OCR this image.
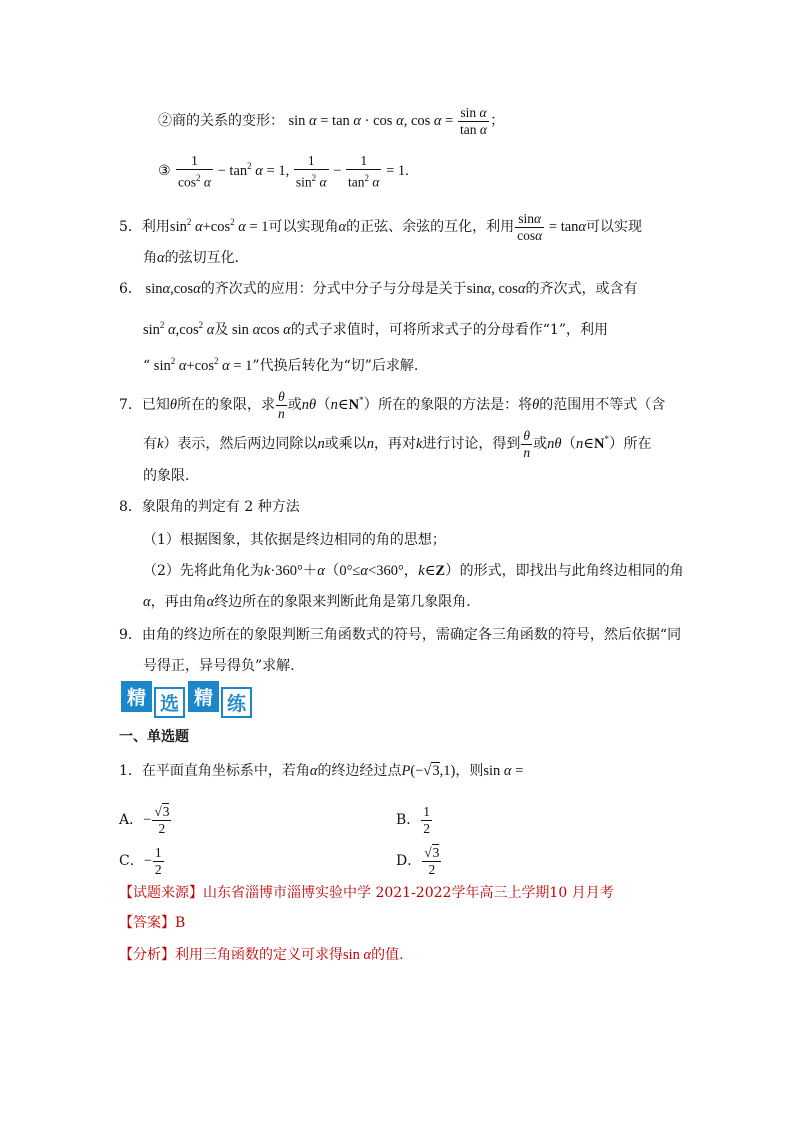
②商的关系的变形： sin α = tan α · cos α, $\cos \alpha = \frac{\text{sin α}}{\text{tan α}}$ ；
③ $\frac{1}{\cos^2 \alpha} - \tan^2 \alpha = 1$, $\frac{1}{\sin^2 \alpha} - \frac{1}{\tan^2 \alpha} = 1$.
5．利用$\sin^2 \alpha+\cos^2$ α = 1可以实现角α的正弦、余弦的互化，利用 $\frac{\sin\alpha}{\cos\alpha} = \tan\alpha$可以实现
角α的弦切互化．
6． sinα,cosα的齐次式的应用：分式中分子与分母是关于sinα, cosα的齐次式，或含有
$\sin^2 \alpha,\cos^2$ α及 sin αcos α的式子求值时，可将所求式子的分母看作“1”，利用
“ $\sin^2 \alpha+\cos^2$ α = 1”代换后转化为“切”后求解.
7．已知θ所在的象限，求 $\frac{\theta}{n}$ 或nθ（n∈N*）所在的象限的方法是：将θ的范围用不等式（含
有k）表示，然后两边同除以n或乘以n，再对k进行讨论，得到 $\frac{\theta}{n}$ 或nθ（n∈N*）所在
的象限．
8．象限角的判定有 2 种方法
（1）根据图象，其依据是终边相同的角的思想；
（2）先将此角化为k·360°＋α（0°≤α<360°，k∈Z）的形式，即找出与此角终边相同的角
α，再由角α终边所在的象限来判断此角是第几象限角．
9．由角的终边所在的象限判断三角函数式的符号，需确定各三角函数的符号，然后依据“同
号得正，异号得负”求解.
精 选 精 练
一、单选题
1．在平面直角坐标系中，若角α的终边经过点P(−√3,1)，则sin α =
A．− $\frac{√3}{2}$	B． $\frac{1}{2}$
C．− $\frac{1}{2}$	D． $\frac{√3}{2}$
【试题来源】山东省淄博市淄博实验中学 2021-2022学年高三上学期10 月月考
【答案】B
【分析】利用三角函数的定义可求得sin α的值.
